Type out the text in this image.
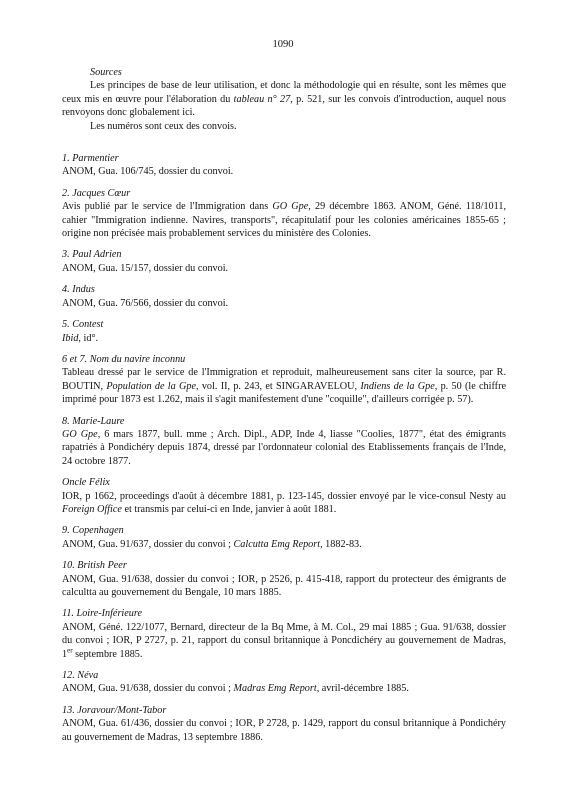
1090
Sources
Les principes de base de leur utilisation, et donc la méthodologie qui en résulte, sont les mêmes que ceux mis en œuvre pour l'élaboration du tableau n° 27, p. 521, sur les convois d'introduction, auquel nous renvoyons donc globalement ici.
Les numéros sont ceux des convois.
1. Parmentier
ANOM, Gua. 106/745, dossier du convoi.
2. Jacques Cœur
Avis publié par le service de l'Immigration dans GO Gpe, 29 décembre 1863. ANOM, Géné. 118/1011, cahier "Immigration indienne. Navires, transports", récapitulatif pour les colonies américaines 1855-65 ; origine non précisée mais probablement services du ministère des Colonies.
3. Paul Adrien
ANOM, Gua. 15/157, dossier du convoi.
4. Indus
ANOM, Gua. 76/566, dossier du convoi.
5. Contest
Ibid, id°.
6 et 7. Nom du navire inconnu
Tableau dressé par le service de l'Immigration et reproduit, malheureusement sans citer la source, par R. BOUTIN, Population de la Gpe, vol. II, p. 243, et SINGARAVELOU, Indiens de la Gpe, p. 50 (le chiffre imprimé pour 1873 est 1.262, mais il s'agit manifestement d'une "coquille", d'ailleurs corrigée p. 57).
8. Marie-Laure
GO Gpe, 6 mars 1877, bull. mme ; Arch. Dipl., ADP, Inde 4, liasse "Coolies, 1877", état des émigrants rapatriés à Pondichéry depuis 1874, dressé par l'ordonnateur colonial des Etablissements français de l'Inde, 24 octobre 1877.
Oncle Félix
IOR, p 1662, proceedings d'août à décembre 1881, p. 123-145, dossier envoyé par le vice-consul Nesty au Foreign Office et transmis par celui-ci en Inde, janvier à août 1881.
9. Copenhagen
ANOM, Gua. 91/637, dossier du convoi ; Calcutta Emg Report, 1882-83.
10. British Peer
ANOM, Gua. 91/638, dossier du convoi ; IOR, p 2526, p. 415-418, rapport du protecteur des émigrants de calcultta au gouvernement du Bengale, 10 mars 1885.
11. Loire-Inférieure
ANOM, Géné. 122/1077, Bernard, directeur de la Bq Mme, à M. Col., 29 mai 1885 ; Gua. 91/638, dossier du convoi ; IOR, P 2727, p. 21, rapport du consul britannique à Poncdichéry au gouvernement de Madras, 1er septembre 1885.
12. Néva
ANOM, Gua. 91/638, dossier du convoi ; Madras Emg Report, avril-décembre 1885.
13. Joravour/Mont-Tabor
ANOM, Gua. 61/436, dossier du convoi ; IOR, P 2728, p. 1429, rapport du consul britannique à Pondichéry au gouvernement de Madras, 13 septembre 1886.
